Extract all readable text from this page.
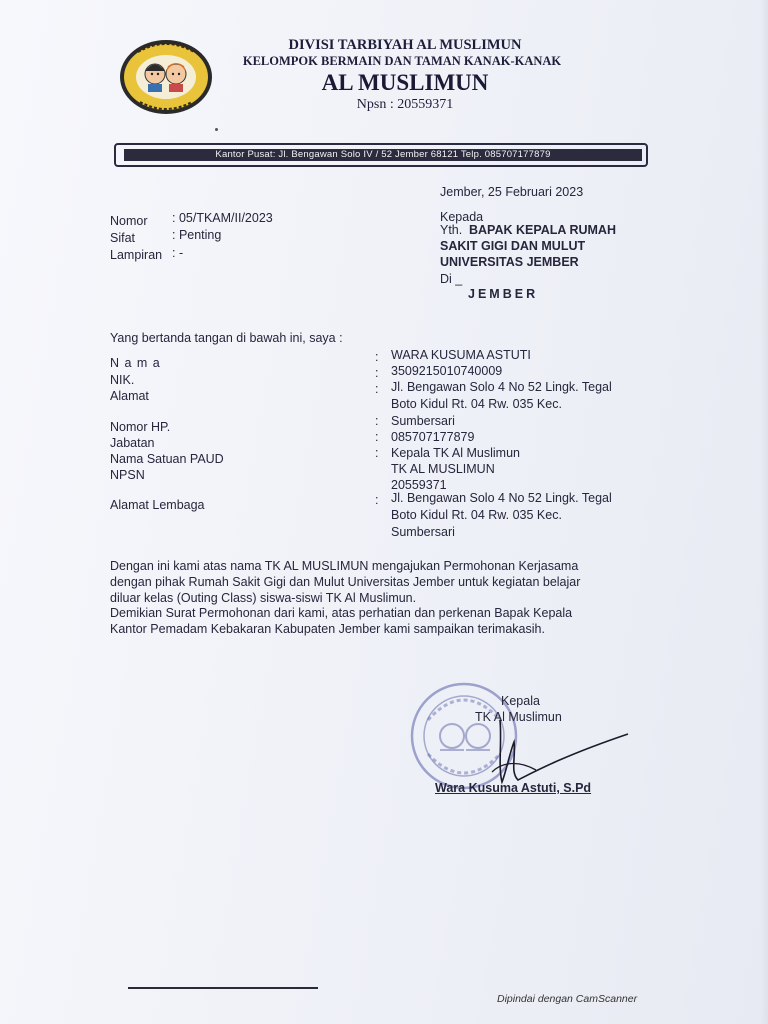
DIVISI TARBIYAH AL MUSLIMUN
KELOMPOK BERMAIN DAN TAMAN KANAK-KANAK
AL MUSLIMUN
Npsn : 20559371
Kantor Pusat: Jl. Bengawan Solo IV / 52 Jember 68121 Telp. 085707177879
Jember, 25 Februari 2023
Nomor : 05/TKAM/II/2023
Sifat	: Penting
Lampiran : -
Kepada
Yth. BAPAK KEPALA RUMAH
SAKIT GIGI DAN MULUT
UNIVERSITAS JEMBER
Di _
JEMBER
Yang bertanda tangan di bawah ini, saya :
N a m a
NIK.
Alamat
Nomor HP.
Jabatan
Nama Satuan PAUD
NPSN
Alamat Lembaga
:
:
:
:
:
:
:
WARA KUSUMA ASTUTI
3509215010740009
Jl. Bengawan Solo 4 No 52 Lingk. Tegal
Boto Kidul Rt. 04 Rw. 035 Kec.
Sumbersari
085707177879
Kepala TK Al Muslimun
TK AL MUSLIMUN
20559371
Jl. Bengawan Solo 4 No 52 Lingk. Tegal
Boto Kidul Rt. 04 Rw. 035 Kec.
Sumbersari
Dengan ini kami atas nama TK AL MUSLIMUN mengajukan Permohonan Kerjasama
dengan pihak Rumah Sakit Gigi dan Mulut Universitas Jember untuk kegiatan belajar
diluar kelas (Outing Class) siswa-siswi TK Al Muslimun.
Demikian Surat Permohonan dari kami, atas perhatian dan perkenan Bapak Kepala
Kantor Pemadam Kebakaran Kabupaten Jember kami sampaikan terimakasih.
Kepala
TK Al Muslimun
Wara Kusuma Astuti, S.Pd
Dipindai dengan CamScanner
